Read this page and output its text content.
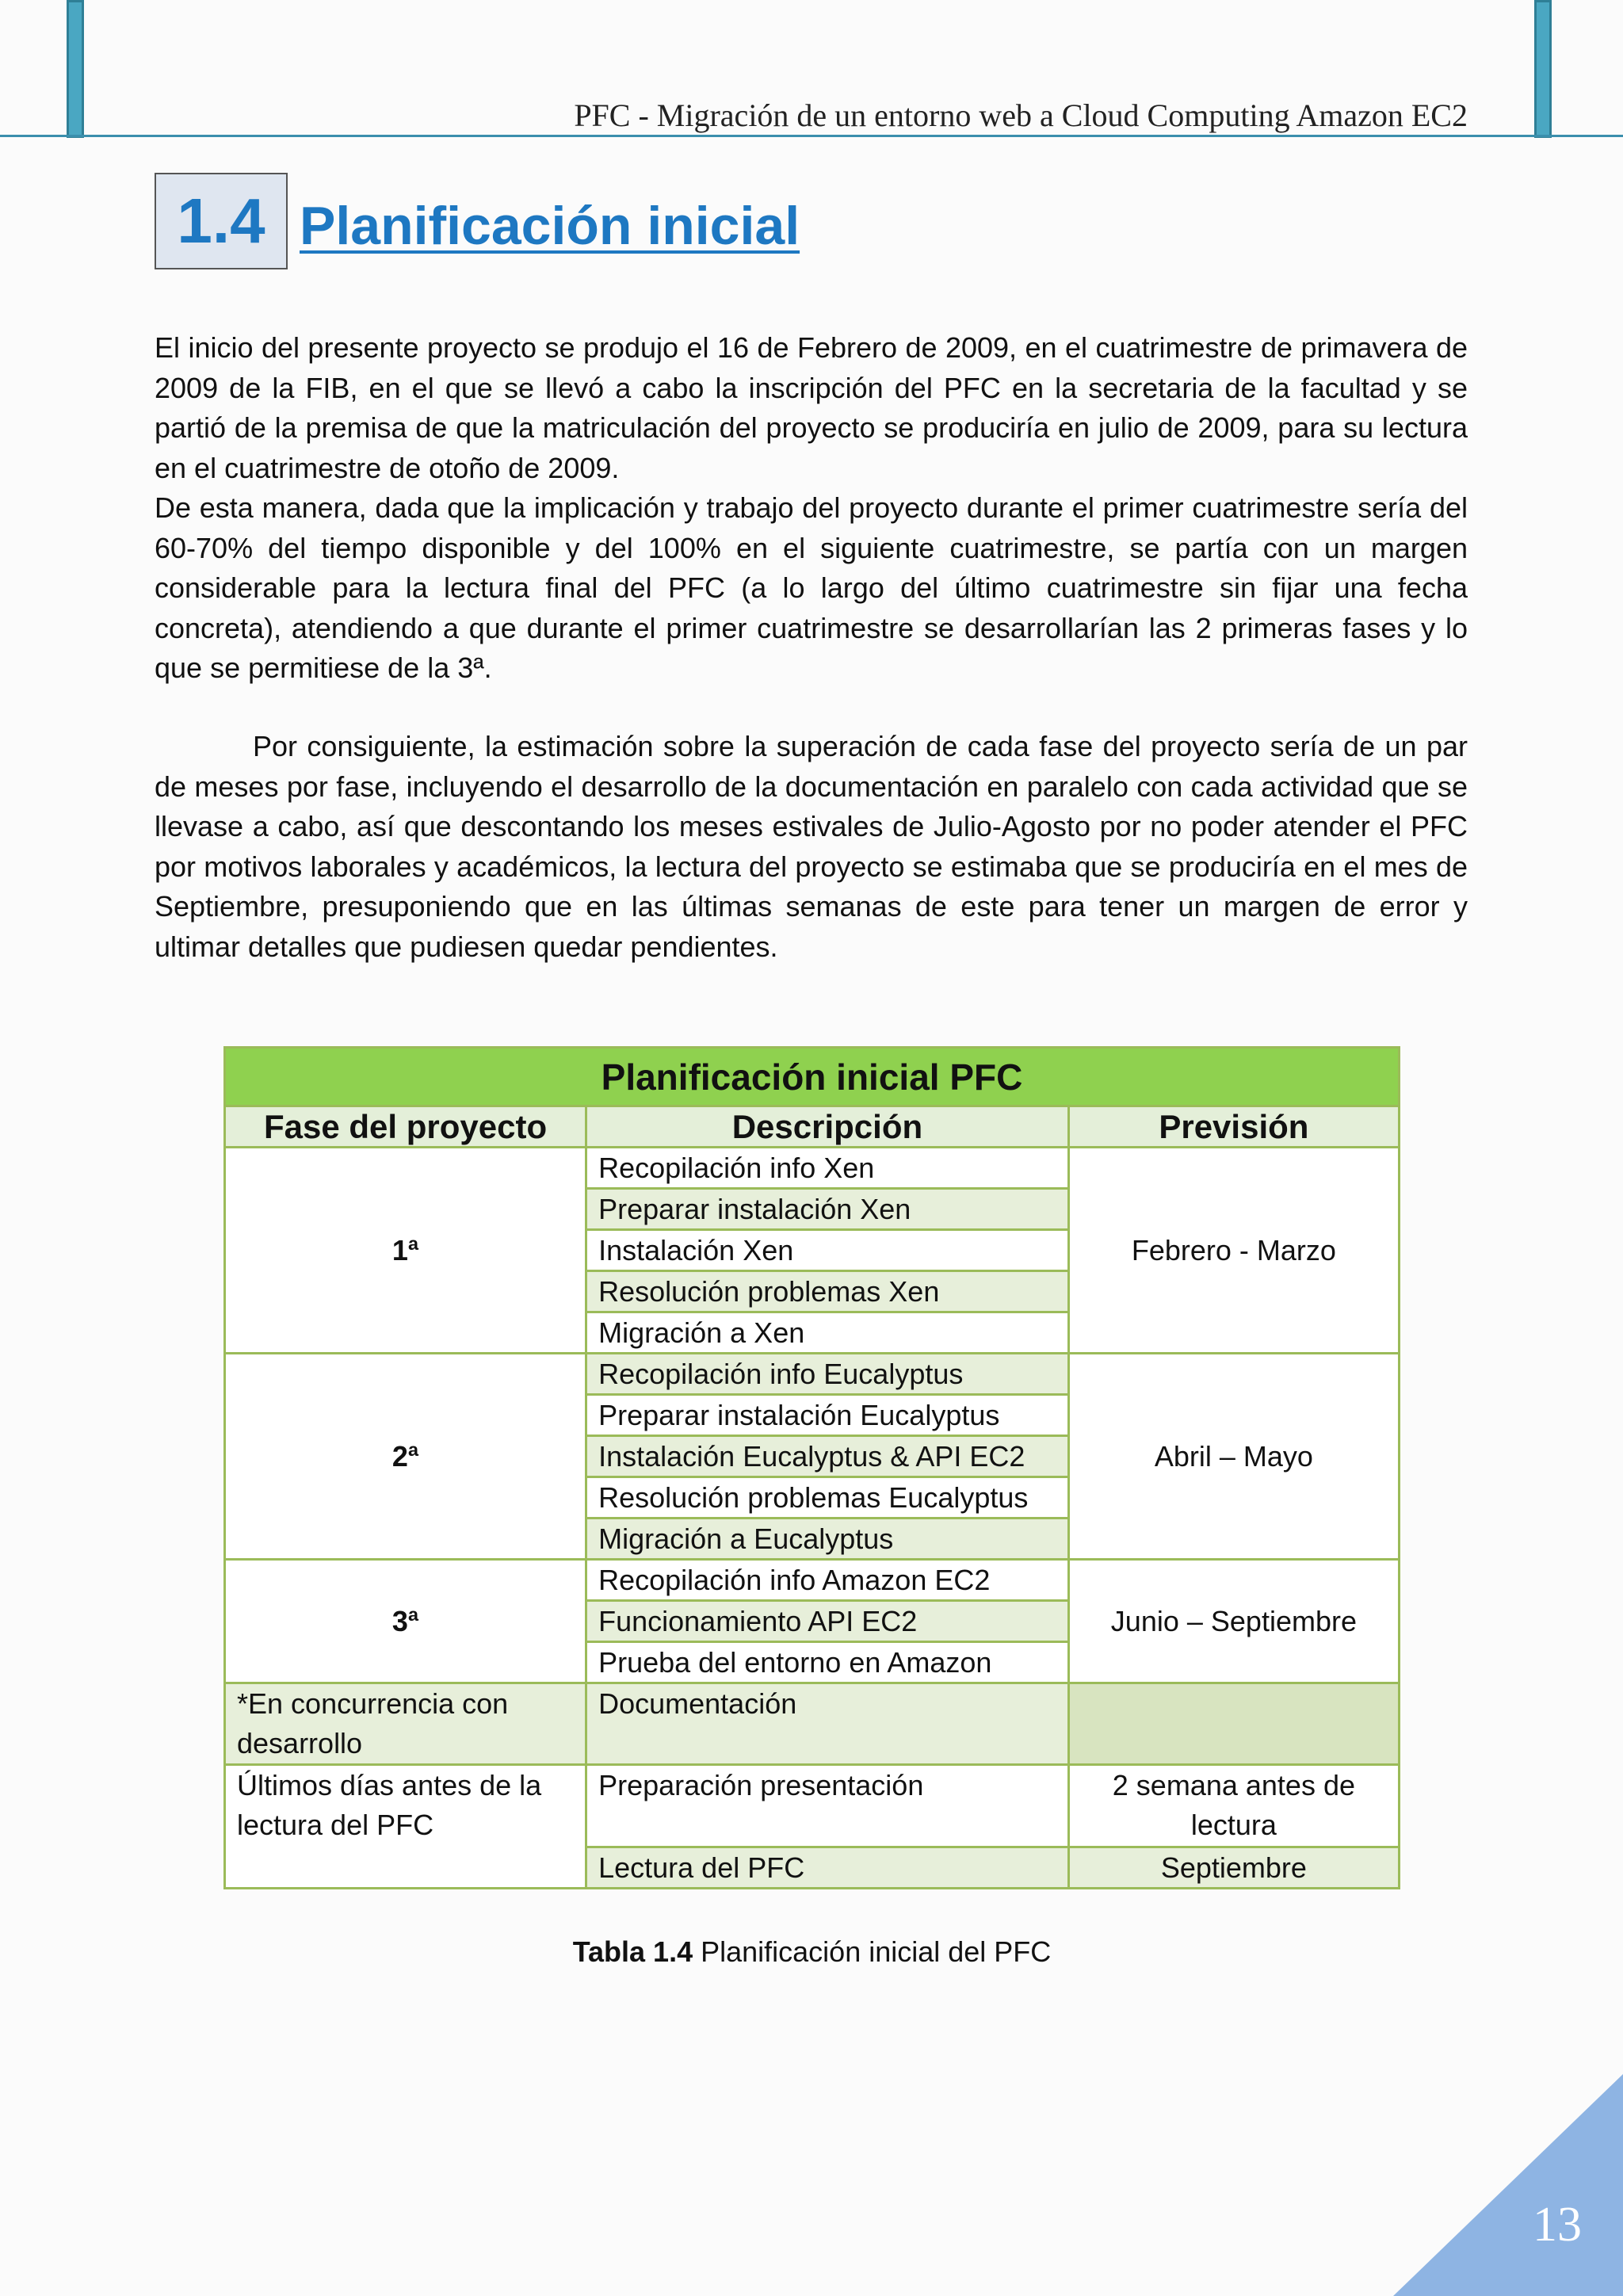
PFC - Migración de un entorno web a Cloud Computing Amazon EC2
1.4 Planificación inicial

El inicio del presente proyecto se produjo el 16 de Febrero de 2009, en el cuatrimestre de primavera de 2009 de la FIB, en el que se llevó a cabo la inscripción del PFC en la secretaria de la facultad y se partió de la premisa de que la matriculación del proyecto se produciría en julio de 2009, para su lectura en el cuatrimestre de otoño de 2009.

De esta manera, dada que la implicación y trabajo del proyecto durante el primer cuatrimestre sería del 60-70% del tiempo disponible y del 100% en el siguiente cuatrimestre, se partía con un margen considerable para la lectura final del PFC (a lo largo del último cuatrimestre sin fijar una fecha concreta), atendiendo a que durante el primer cuatrimestre se desarrollarían las 2 primeras fases y lo que se permitiese de la 3ª.

Por consiguiente, la estimación sobre la superación de cada fase del proyecto sería de un par de meses por fase, incluyendo el desarrollo de la documentación en paralelo con cada actividad que se llevase a cabo, así que descontando los meses estivales de Julio-Agosto por no poder atender el PFC por motivos laborales y académicos, la lectura del proyecto se estimaba que se produciría en el mes de Septiembre, presuponiendo que en las últimas semanas de este para tener un margen de error y ultimar detalles que pudiesen quedar pendientes.

Planificación inicial PFC		
Fase del proyecto	Descripción	Previsión
1ª	Recopilación info Xen	Febrero - Marzo
	Preparar instalación Xen	
	Instalación Xen	
	Resolución problemas Xen	
	Migración a Xen	
2ª	Recopilación info Eucalyptus	Abril – Mayo
	Preparar instalación Eucalyptus	
	Instalación Eucalyptus & API EC2	
	Resolución problemas Eucalyptus	
	Migración a Eucalyptus	
3ª	Recopilación info Amazon EC2	Junio – Septiembre
	Funcionamiento API EC2	
	Prueba del entorno en Amazon	
*En concurrencia con desarrollo	Documentación	
Últimos días antes de la lectura del PFC	Preparación presentación	2 semana antes de lectura
	Lectura del PFC	Septiembre
Tabla 1.4 Planificación inicial del PFC
13
